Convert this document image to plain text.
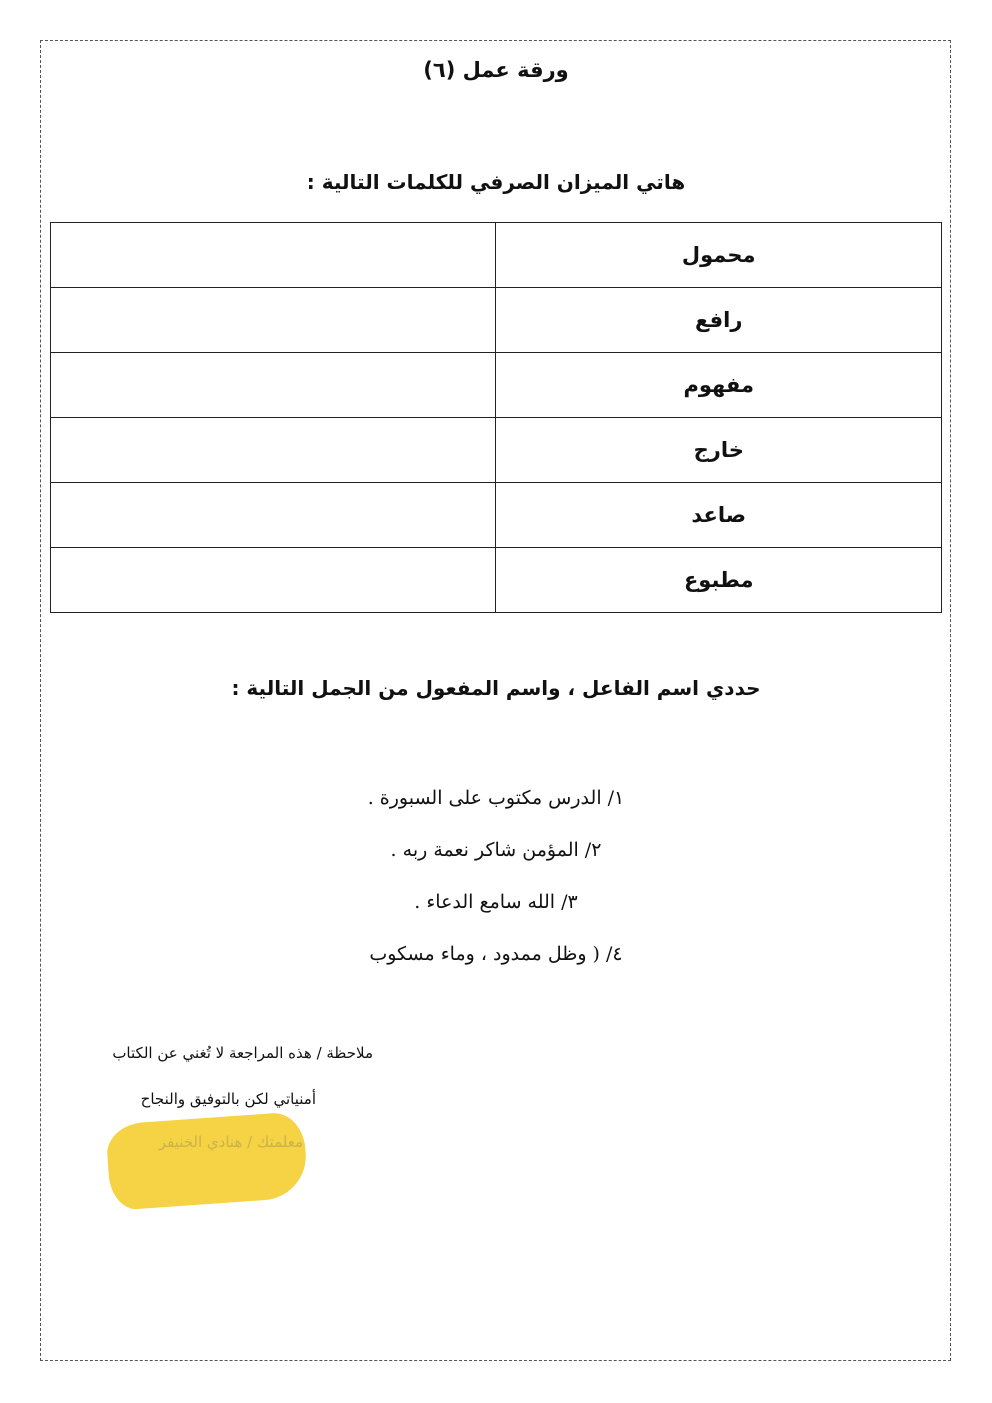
ورقة عمل (٦)
هاتي الميزان الصرفي للكلمات التالية :
محمول	
رافع	
مفهوم	
خارج	
صاعد	
مطبوع	
حددي اسم الفاعل ، واسم المفعول من الجمل التالية :
١/ الدرس مكتوب على السبورة .
٢/ المؤمن شاكر نعمة ربه .
٣/ الله سامع الدعاء .
٤/ ( وظل ممدود ، وماء مسكوب
ملاحظة / هذه المراجعة لا تُغني عن الكتاب
أمنياتي لكن بالتوفيق والنجاح
معلمتك / هنادي الخنيفر
